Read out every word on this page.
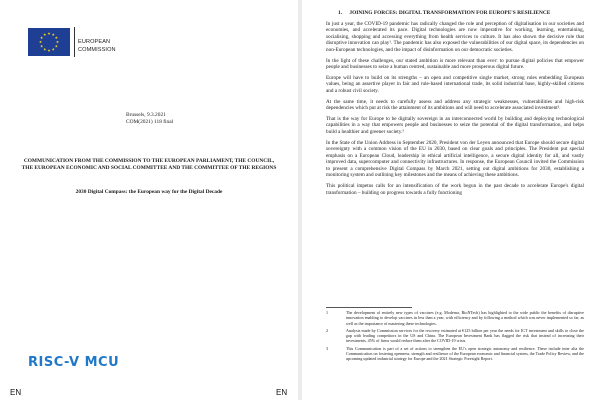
EUROPEAN
COMMISSION
Brussels, 9.3.2021
COM(2021) 118 final
COMMUNICATION FROM THE COMMISSION TO THE EUROPEAN PARLIAMENT, THE COUNCIL, THE EUROPEAN ECONOMIC AND SOCIAL COMMITTEE AND THE COMMITTEE OF THE REGIONS
2030 Digital Compass: the European way for the Digital Decade
EN
1. JOINING FORCES: DIGITAL TRANSFORMATION FOR EUROPE'S RESILIENCE

In just a year, the COVID-19 pandemic has radically changed the role and perception of digitalisation in our societies and economies, and accelerated its pace. Digital technologies are now imperative for working, learning, entertaining, socialising, shopping and accessing everything from health services to culture. It has also shown the decisive role that disruptive innovation can play¹. The pandemic has also exposed the vulnerabilities of our digital space, its dependencies on non-European technologies, and the impact of disinformation on our democratic societies.

In the light of these challenges, our stated ambition is more relevant than ever: to pursue digital policies that empower people and businesses to seize a human centred, sustainable and more prosperous digital future.

Europe will have to build on its strengths – an open and competitive single market, strong rules embedding European values, being an assertive player in fair and rule-based international trade, its solid industrial base, highly-skilled citizens and a robust civil society.

At the same time, it needs to carefully assess and address any strategic weaknesses, vulnerabilities and high-risk dependencies which put at risk the attainment of its ambitions and will need to accelerate associated investment².

That is the way for Europe to be digitally sovereign in an interconnected world by building and deploying technological capabilities in a way that empowers people and businesses to seize the potential of the digital transformation, and helps build a healthier and greener society.³

In the State of the Union Address in September 2020, President von der Leyen announced that Europe should secure digital sovereignty with a common vision of the EU in 2030, based on clear goals and principles. The President put special emphasis on a European Cloud, leadership in ethical artificial intelligence, a secure digital identity for all, and vastly improved data, supercomputer and connectivity infrastructures. In response, the European Council invited the Commission to present a comprehensive Digital Compass by March 2021, setting out digital ambitions for 2030, establishing a monitoring system and outlining key milestones and the means of achieving these ambitions.

This political impetus calls for an intensification of the work begun in the past decade to accelerate Europe's digital transformation – building on progress towards a fully functioning

1	The development of entirely new types of vaccines (e.g. Moderna, BioNTech) has highlighted to the wide public the benefits of disruptive innovation enabling to develop vaccines in less than a year, with efficiency and by following a method which was never implemented so far, as well as the importance of mastering these technologies.
2	Analysis made by Commission services for the recovery estimated at €125 billion per year the needs for ICT investment and skills to close the gap with leading competitors in the US and China. The European Investment Bank has flagged the risk that instead of increasing their investments, 45% of firms would reduce them after the COVID-19 crisis.
3	This Communication is part of a set of actions to strengthen the EU's open strategic autonomy and resilience. These include inter alia the Communication on fostering openness, strength and resilience of the European economic and financial system, the Trade Policy Review, and the upcoming updated industrial strategy for Europe and the 2021 Strategic Foresight Report.
RISC-V MCU
EN
